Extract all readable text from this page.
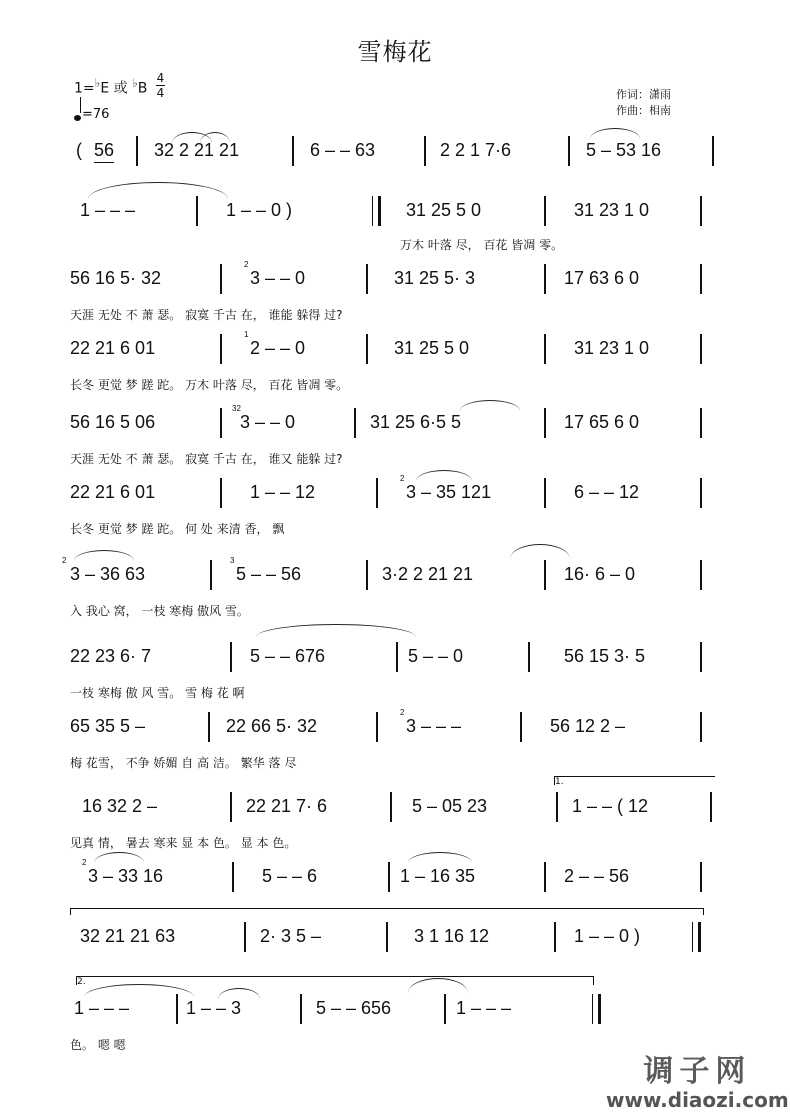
雪梅花
1=♭E 或 ♭B
4
4
=76
作词：潇雨
作曲：相南
( 56 32 2 21 21	6 – – 63	2 2 1 7·6	5 – 53 16
1 – – –	1 – – 0 )	31 25 5 0	31 23 1 0
万木 叶落 尽， 百花 皆凋 零。
56 16 5· 32
2
3 – – 0	31 25 5· 3	17 63 6 0
天涯 无处 不 萧 瑟。 寂寞 千古 在， 谁能 躲得 过?
22 21 6 01
1
2 – – 0	31 25 5 0	31 23 1 0
长冬 更觉 梦 蹉 跎。 万木 叶落 尽， 百花 皆凋 零。
56 16 5 06
32
3 – – 0	31 25 6·5 5	17 65 6 0
天涯 无处 不 萧 瑟。 寂寞 千古 在， 谁又 能躲 过?
22 21 6 01	1 – – 12
2
3 – 35 121	6 – – 12
长冬 更觉 梦 蹉 跎。 何 处 来清 香， 飘
2
3 – 36 63
3
5 – – 56	3·2 2 21 21	16· 6 – 0
入 我心 窝， 一枝 寒梅 傲风 雪。
22 23 6· 7	5 – – 676	5 – – 0	56 15 3· 5
一枝 寒梅 傲 风 雪。 雪 梅 花 啊
65 35 5 –	22 66 5· 32
2
3 – – –	56 12 2 –
梅 花雪， 不争 娇媚 自 高 洁。 繁华 落 尽
1.
16 32 2 –	22 21 7· 6	5 – 05 23	1 – – ( 12
见真 情， 暑去 寒来 显 本 色。 显 本 色。
2
3 – 33 16	5 – – 6	1 – 16 35	2 – – 56
32 21 21 63	2· 3 5 –	3 1 16 12	1 – – 0 )
2.
1 – – –	1 – – 3	5 – – 656	1 – – –
色。 嗯 嗯
调子网
www.diaozi.com
